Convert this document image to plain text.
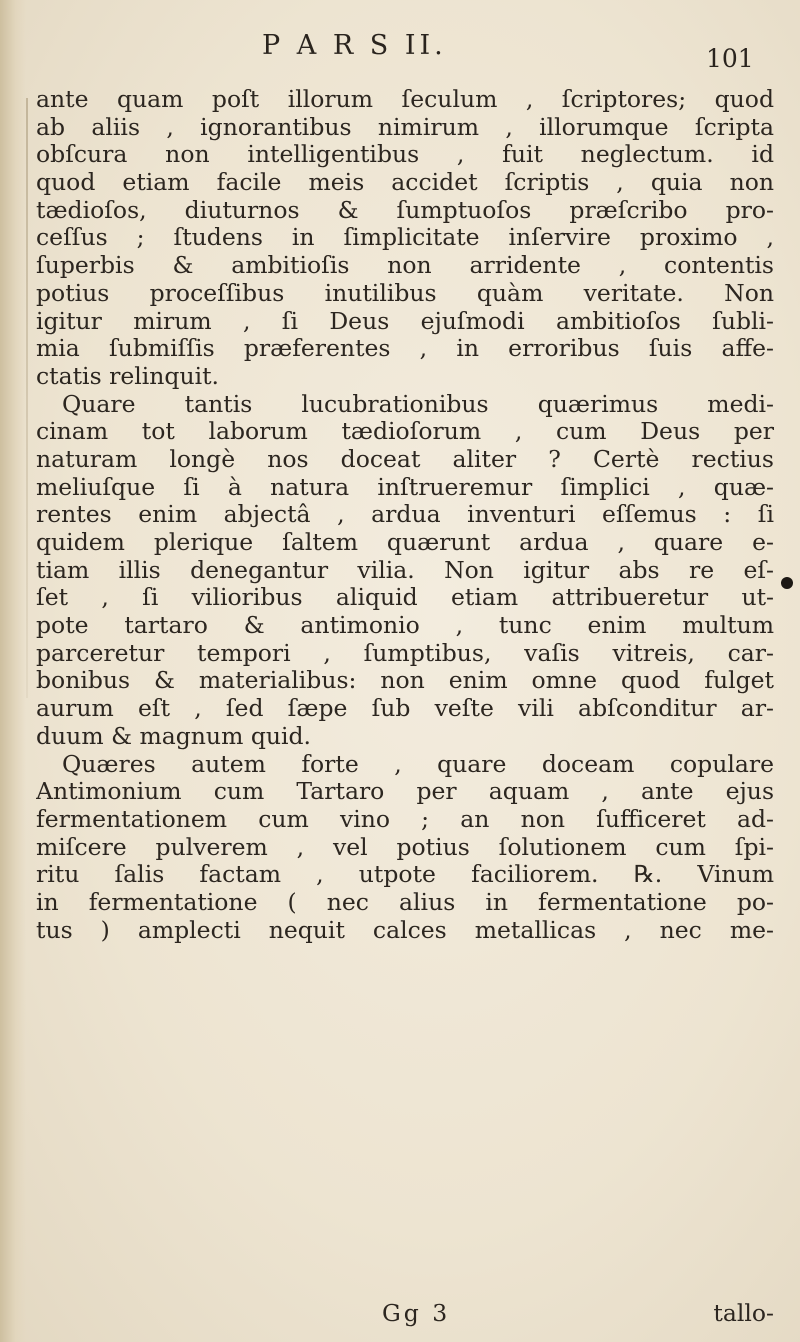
P A R S II.	101
ante quam poſt illorum ſeculum , ſcriptores; quod
ab aliis , ignorantibus nimirum , illorumque ſcripta
obſcura non intelligentibus , fuit neglectum. id
quod etiam facile meis accidet ſcriptis , quia non
tædioſos, diuturnos & ſumptuoſos præſcribo pro-
ceſſus ; ſtudens in ſimplicitate inſervire proximo ,
ſuperbis & ambitioſis non arridente , contentis
potius proceſſibus inutilibus quàm veritate. Non
igitur mirum , ſi Deus ejuſmodi ambitioſos ſubli-
mia ſubmiſſis præferentes , in erroribus ſuis affe-
ctatis relinquit.
Quare tantis lucubrationibus quærimus medi-
cinam tot laborum tædioſorum , cum Deus per
naturam longè nos doceat aliter ? Certè rectius
meliuſque ſi à natura inſtrueremur ſimplici , quæ-
rentes enim abjectâ , ardua inventuri eſſemus : ſi
quidem plerique ſaltem quærunt ardua , quare e-
tiam illis denegantur vilia. Non igitur abs re eſ-
ſet , ſi vilioribus aliquid etiam attribueretur ut-
pote tartaro & antimonio , tunc enim multum
parceretur tempori , ſumptibus, vaſis vitreis, car-
bonibus & materialibus: non enim omne quod fulget
aurum eſt , ſed ſæpe ſub veſte vili abſconditur ar-
duum & magnum quid.
Quæres autem forte , quare doceam copulare
Antimonium cum Tartaro per aquam , ante ejus
fermentationem cum vino ; an non ſufficeret ad-
miſcere pulverem , vel potius ſolutionem cum ſpi-
ritu ſalis factam , utpote faciliorem. ℞. Vinum
in fermentatione ( nec alius in fermentatione po-
tus ) amplecti nequit calces metallicas , nec me-
Gg 3	tallo-
